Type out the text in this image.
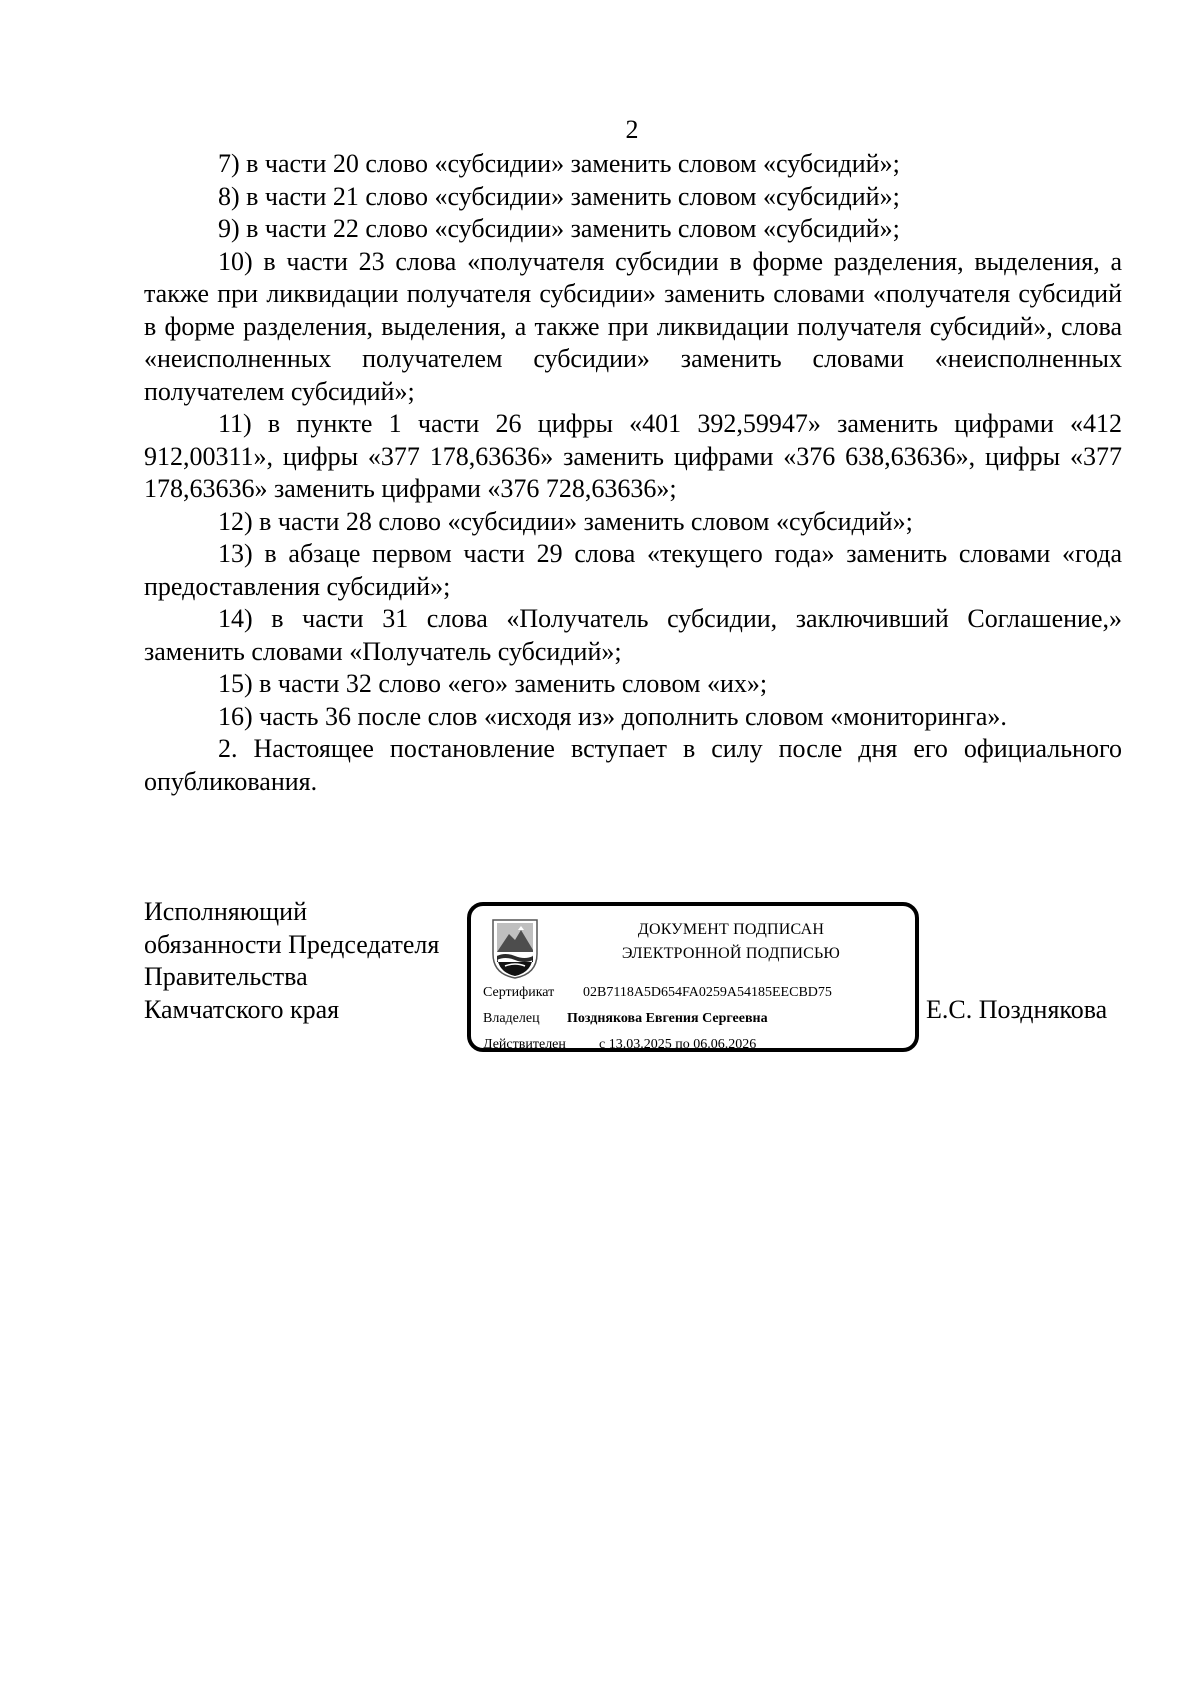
2

7) в части 20 слово «субсидии» заменить словом «субсидий»;

8) в части 21 слово «субсидии» заменить словом «субсидий»;

9) в части 22 слово «субсидии» заменить словом «субсидий»;

10) в части 23 слова «получателя субсидии в форме разделения, выделения, а также при ликвидации получателя субсидии» заменить словами «получателя субсидий в форме разделения, выделения, а также при ликвидации получателя субсидий», слова «неисполненных получателем субсидии» заменить словами «неисполненных получателем субсидий»;

11) в пункте 1 части 26 цифры «401 392,59947» заменить цифрами «412 912,00311», цифры «377 178,63636» заменить цифрами «376 638,63636», цифры «377 178,63636» заменить цифрами «376 728,63636»;

12) в части 28 слово «субсидии» заменить словом «субсидий»;

13) в абзаце первом части 29 слова «текущего года» заменить словами «года предоставления субсидий»;

14) в части 31 слова «Получатель субсидии, заключивший Соглашение,» заменить словами «Получатель субсидий»;

15) в части 32 слово «его» заменить словом «их»;

16) часть 36 после слов «исходя из» дополнить словом «мониторинга».

2. Настоящее постановление вступает в силу после дня его официального опубликования.

Исполняющий
обязанности Председателя
Правительства
Камчатского края
ДОКУМЕНТ ПОДПИСАН
ЭЛЕКТРОННОЙ ПОДПИСЬЮ
Сертификат 02B7118A5D654FA0259A54185EECBD75
Владелец Позднякова Евгения Сергеевна
Действителен с 13.03.2025 по 06.06.2026
Е.С. Позднякова
